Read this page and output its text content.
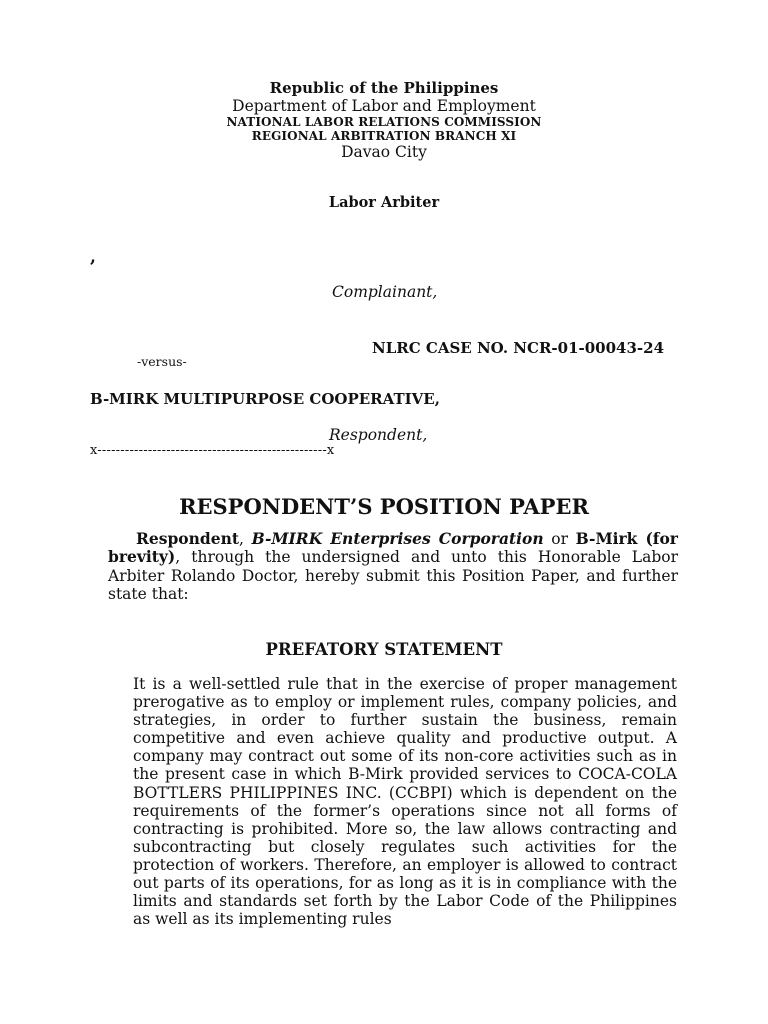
Republic of the Philippines
Department of Labor and Employment
NATIONAL LABOR RELATIONS COMMISSION
REGIONAL ARBITRATION BRANCH XI
Davao City
Labor Arbiter
,
Complainant,
NLRC CASE NO. NCR-01-00043-24
-versus-
B-MIRK MULTIPURPOSE COOPERATIVE,
Respondent,
x--------------------------------------------------x
RESPONDENT’S POSITION PAPER

Respondent, B-MIRK Enterprises Corporation or B-Mirk (for brevity), through the undersigned and unto this Honorable Labor Arbiter Rolando Doctor, hereby submit this Position Paper, and further state that:

PREFATORY STATEMENT

It is a well-settled rule that in the exercise of proper management prerogative as to employ or implement rules, company policies, and strategies, in order to further sustain the business, remain competitive and even achieve quality and productive output. A company may contract out some of its non-core activities such as in the present case in which B-Mirk provided services to COCA-COLA BOTTLERS PHILIPPINES INC. (CCBPI) which is dependent on the requirements of the former’s operations since not all forms of contracting is prohibited. More so, the law allows contracting and subcontracting but closely regulates such activities for the protection of workers. Therefore, an employer is allowed to contract out parts of its operations, for as long as it is in compliance with the limits and standards set forth by the Labor Code of the Philippines as well as its implementing rules
